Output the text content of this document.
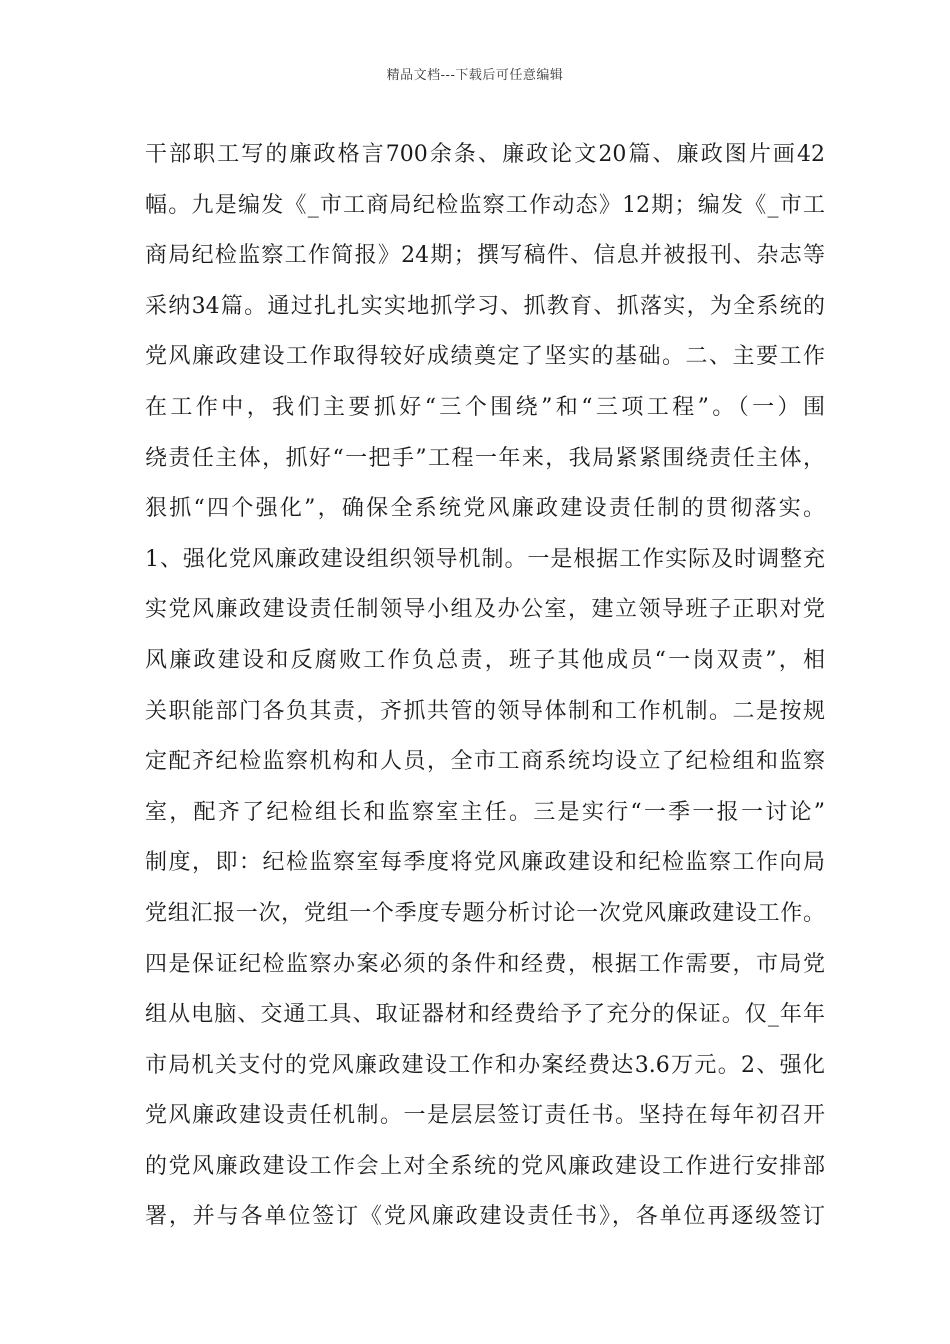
精品文档---下载后可任意编辑
干部职工写的廉政格言700余条、廉政论文20篇、廉政图片画42
幅。九是编发《_市工商局纪检监察工作动态》12期；编发《_市工
商局纪检监察工作简报》24期；撰写稿件、信息并被报刊、杂志等
采纳34篇。通过扎扎实实地抓学习、抓教育、抓落实，为全系统的
党风廉政建设工作取得较好成绩奠定了坚实的基础。二、主要工作
在工作中，我们主要抓好“三个围绕”和“三项工程”。（一）围
绕责任主体，抓好“一把手”工程一年来，我局紧紧围绕责任主体，
狠抓“四个强化”，确保全系统党风廉政建设责任制的贯彻落实。
1、强化党风廉政建设组织领导机制。一是根据工作实际及时调整充
实党风廉政建设责任制领导小组及办公室，建立领导班子正职对党
风廉政建设和反腐败工作负总责，班子其他成员“一岗双责”，相
关职能部门各负其责，齐抓共管的领导体制和工作机制。二是按规
定配齐纪检监察机构和人员，全市工商系统均设立了纪检组和监察
室，配齐了纪检组长和监察室主任。三是实行“一季一报一讨论”
制度，即：纪检监察室每季度将党风廉政建设和纪检监察工作向局
党组汇报一次，党组一个季度专题分析讨论一次党风廉政建设工作。
四是保证纪检监察办案必须的条件和经费，根据工作需要，市局党
组从电脑、交通工具、取证器材和经费给予了充分的保证。仅_年年
市局机关支付的党风廉政建设工作和办案经费达3.6万元。2、强化
党风廉政建设责任机制。一是层层签订责任书。坚持在每年初召开
的党风廉政建设工作会上对全系统的党风廉政建设工作进行安排部
署，并与各单位签订《党风廉政建设责任书》，各单位再逐级签订
